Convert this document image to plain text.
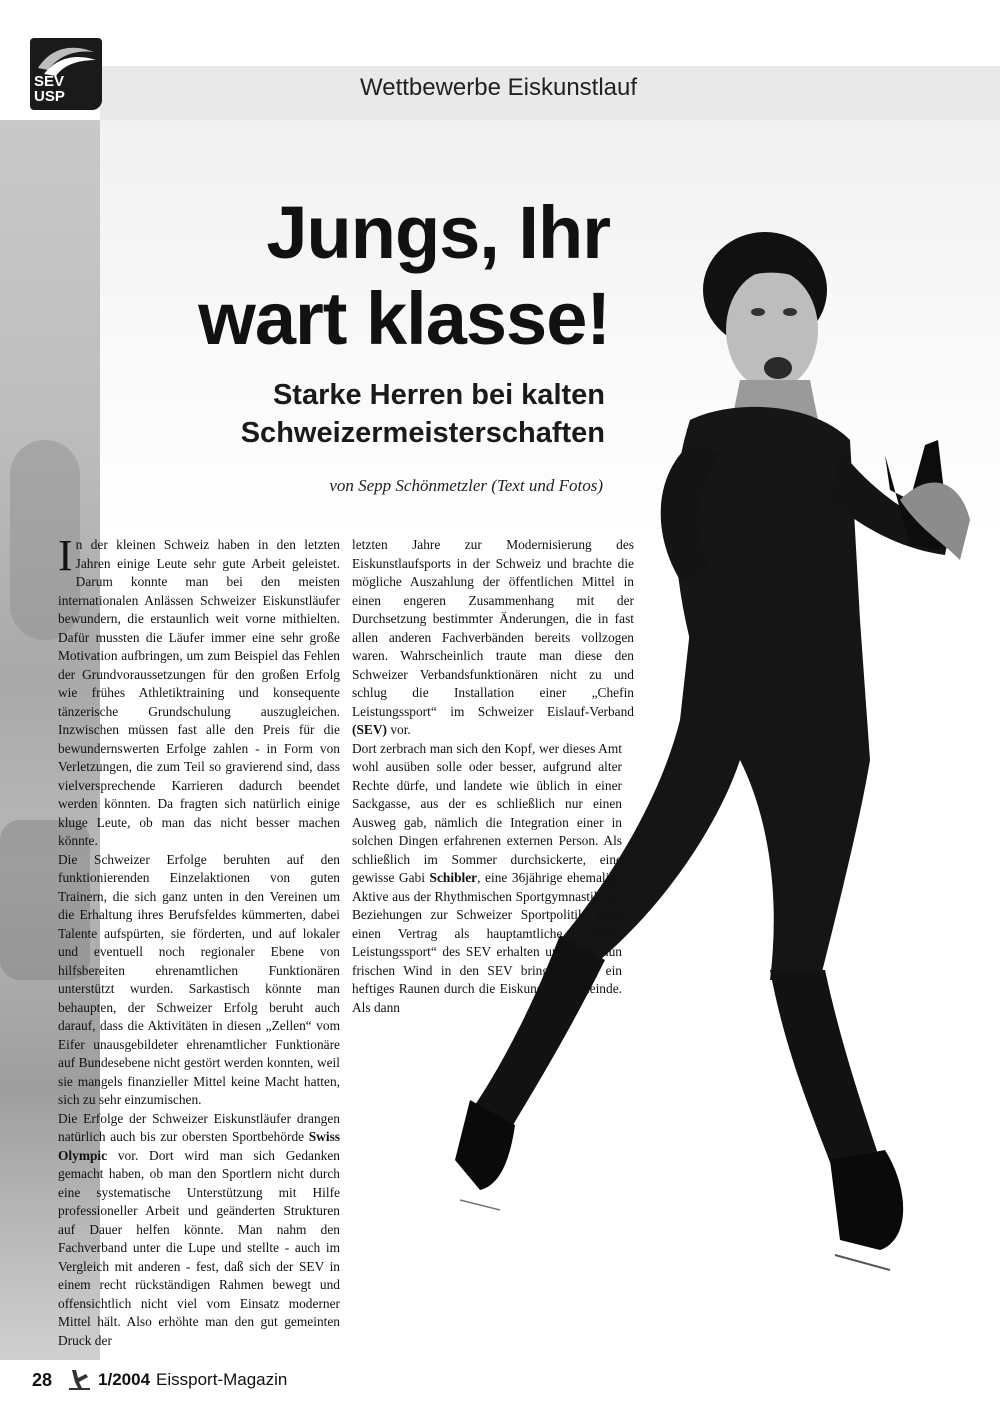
SEV
USP	Wettbewerbe Eiskunstlauf
Jungs, Ihr
wart klasse!
Starke Herren bei kalten
Schweizermeisterschaften
von Sepp Schönmetzler (Text und Fotos)

In der kleinen Schweiz haben in den letzten Jahren einige Leute sehr gute Arbeit geleistet. Darum konnte man bei den meisten internationalen Anlässen Schweizer Eiskunstläufer bewundern, die erstaunlich weit vorne mithielten. Dafür mussten die Läufer immer eine sehr große Motivation aufbringen, um zum Beispiel das Fehlen der Grundvoraussetzungen für den großen Erfolg wie frühes Athletiktraining und konsequente tänzerische Grundschulung auszugleichen. Inzwischen müssen fast alle den Preis für die bewundernswerten Erfolge zahlen - in Form von Verletzungen, die zum Teil so gravierend sind, dass vielversprechende Karrieren dadurch beendet werden könnten. Da fragten sich natürlich einige kluge Leute, ob man das nicht besser machen könnte.

Die Schweizer Erfolge beruhten auf den funktionierenden Einzelaktionen von guten Trainern, die sich ganz unten in den Vereinen um die Erhaltung ihres Berufsfeldes kümmerten, dabei Talente aufspürten, sie förderten, und auf lokaler und eventuell noch regionaler Ebene von hilfsbereiten ehrenamtlichen Funktionären unterstützt wurden. Sarkastisch könnte man behaupten, der Schweizer Erfolg beruht auch darauf, dass die Aktivitäten in diesen „Zellen“ vom Eifer unausgebildeter ehrenamtlicher Funktionäre auf Bundesebene nicht gestört werden konnten, weil sie mangels finanzieller Mittel keine Macht hatten, sich zu sehr einzumischen.

Die Erfolge der Schweizer Eiskunstläufer drangen natürlich auch bis zur obersten Sportbehörde Swiss Olympic vor. Dort wird man sich Gedanken gemacht haben, ob man den Sportlern nicht durch eine systematische Unterstützung mit Hilfe professioneller Arbeit und geänderten Strukturen auf Dauer helfen könnte. Man nahm den Fachverband unter die Lupe und stellte - auch im Vergleich mit anderen - fest, daß sich der SEV in einem recht rückständigen Rahmen bewegt und offensichtlich nicht viel vom Einsatz moderner Mittel hält. Also erhöhte man den gut gemeinten Druck der

letzten Jahre zur Modernisierung des Eiskunstlaufsports in der Schweiz und brachte die mögliche Auszahlung der öffentlichen Mittel in einen engeren Zusammenhang mit der Durchsetzung bestimmter Änderungen, die in fast allen anderen Fachverbänden bereits vollzogen waren. Wahrscheinlich traute man diese den Schweizer Verbandsfunktionären nicht zu und schlug die Installation einer „Chefin Leistungssport“ im Schweizer Eislauf-Verband (SEV) vor.

Dort zerbrach man sich den Kopf, wer dieses Amt wohl ausüben solle oder besser, aufgrund alter Rechte dürfe, und landete wie üblich in einer Sackgasse, aus der es schließlich nur einen Ausweg gab, nämlich die Integration einer in solchen Dingen erfahrenen externen Person. Als schließlich im Sommer durchsickerte, eine gewisse Gabi Schibler, eine 36jährige ehemalige Aktive aus der Rhythmischen Sportgymnastik mit Beziehungen zur Schweizer Sportpolitik, habe einen Vertrag als hauptamtliche „Chefin Leistungssport“ des SEV erhalten und solle nun frischen Wind in den SEV bringen, ging ein heftiges Raunen durch die Eiskunstlaufgemeinde. Als dann

28	1/2004 Eissport-Magazin
